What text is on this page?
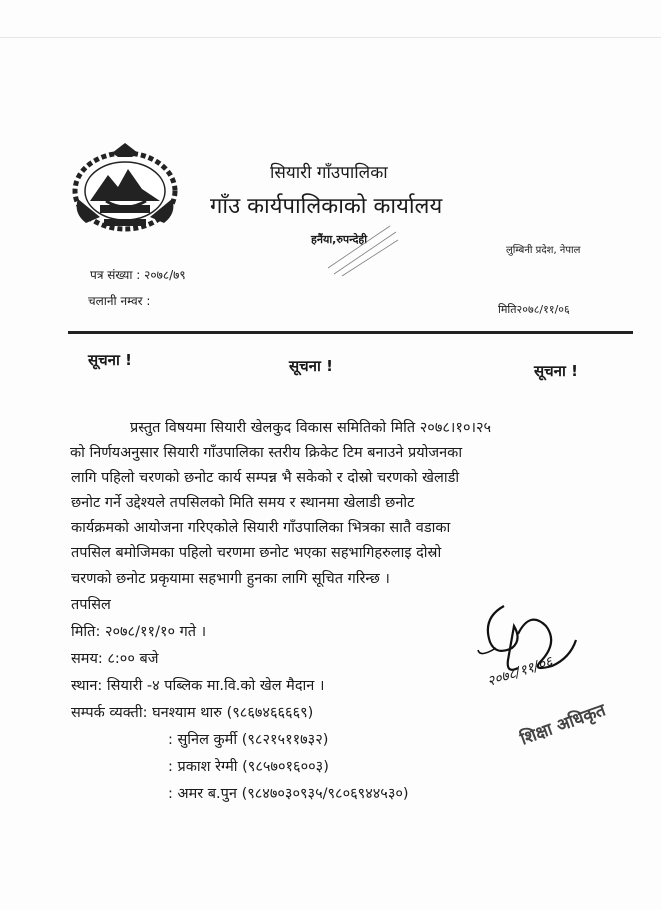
सियारी गाँउपालिका
गाँउ कार्यपालिकाको कार्यालय
हनैंया,रुपन्देही
लुम्बिनी प्रदेश, नेपाल
पत्र संख्या : २०७८/७९
चलानी नम्वर :
मिति२०७८/११/०६
सूचना !	सूचना !	सूचना !
प्रस्तुत विषयमा सियारी खेलकुद विकास समितिको मिति २०७८।१०।२५
को निर्णयअनुसार सियारी गाँउपालिका स्तरीय क्रिकेट टिम बनाउने प्रयोजनका
लागि पहिलो चरणको छनोट कार्य सम्पन्न भै सकेको र दोस्रो चरणको खेलाडी
छनोट गर्ने उद्देश्यले तपसिलको मिति समय र स्थानमा खेलाडी छनोट
कार्यक्रमको आयोजना गरिएकोले सियारी गाँउपालिका भित्रका सातै वडाका
तपसिल बमोजिमका पहिलो चरणमा छनोट भएका सहभागिहरुलाइ दोस्रो
चरणको छनोट प्रकृयामा सहभागी हुनका लागि सूचित गरिन्छ ।
तपसिल
मिति: २०७८/११/१० गते ।
समय: ८:०० बजे
स्थान: सियारी -४ पब्लिक मा.वि.को खेल मैदान ।
सम्पर्क व्यक्ती: घनश्याम थारु (९८६७४६६६६९)
: सुनिल कुर्मी (९८२१५११७३२)
: प्रकाश रेग्मी (९८५७०१६००३)
: अमर ब.पुन (९८४७०३०९३५/९८०६९४४५३०)
२०७८/११/०६
शिक्षा अधिकृत
